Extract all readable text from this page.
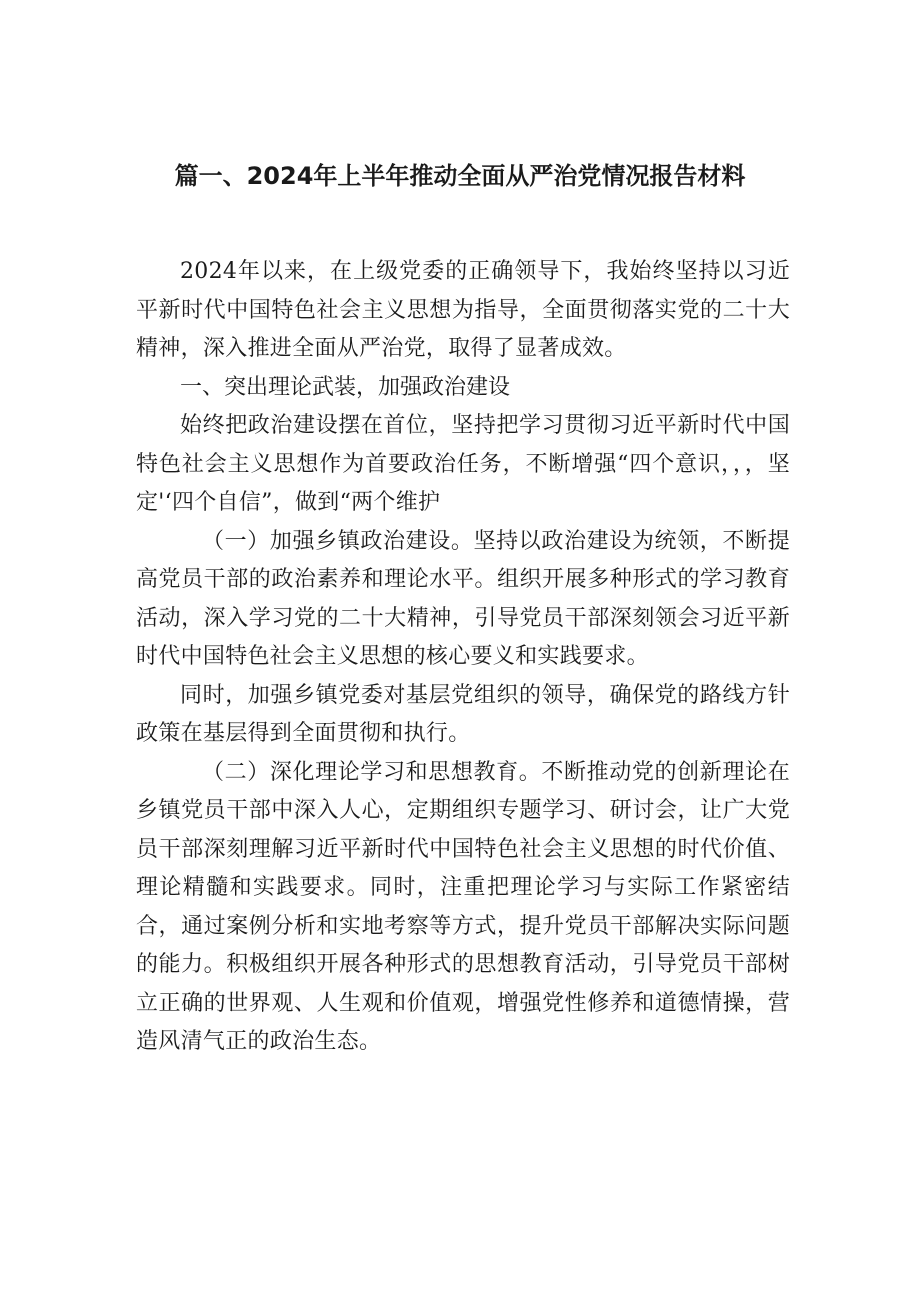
篇一、2024年上半年推动全面从严治党情况报告材料

2024年以来，在上级党委的正确领导下，我始终坚持以习近平新时代中国特色社会主义思想为指导，全面贯彻落实党的二十大精神，深入推进全面从严治党，取得了显著成效。

一、突出理论武装，加强政治建设

始终把政治建设摆在首位，坚持把学习贯彻习近平新时代中国特色社会主义思想作为首要政治任务，不断增强“四个意识，，，坚定'‘四个自信”，做到“两个维护

（一）加强乡镇政治建设。坚持以政治建设为统领，不断提高党员干部的政治素养和理论水平。组织开展多种形式的学习教育活动，深入学习党的二十大精神，引导党员干部深刻领会习近平新时代中国特色社会主义思想的核心要义和实践要求。

同时，加强乡镇党委对基层党组织的领导，确保党的路线方针政策在基层得到全面贯彻和执行。

（二）深化理论学习和思想教育。不断推动党的创新理论在乡镇党员干部中深入人心，定期组织专题学习、研讨会，让广大党员干部深刻理解习近平新时代中国特色社会主义思想的时代价值、理论精髓和实践要求。同时，注重把理论学习与实际工作紧密结合，通过案例分析和实地考察等方式，提升党员干部解决实际问题的能力。积极组织开展各种形式的思想教育活动，引导党员干部树立正确的世界观、人生观和价值观，增强党性修养和道德情操，营造风清气正的政治生态。
